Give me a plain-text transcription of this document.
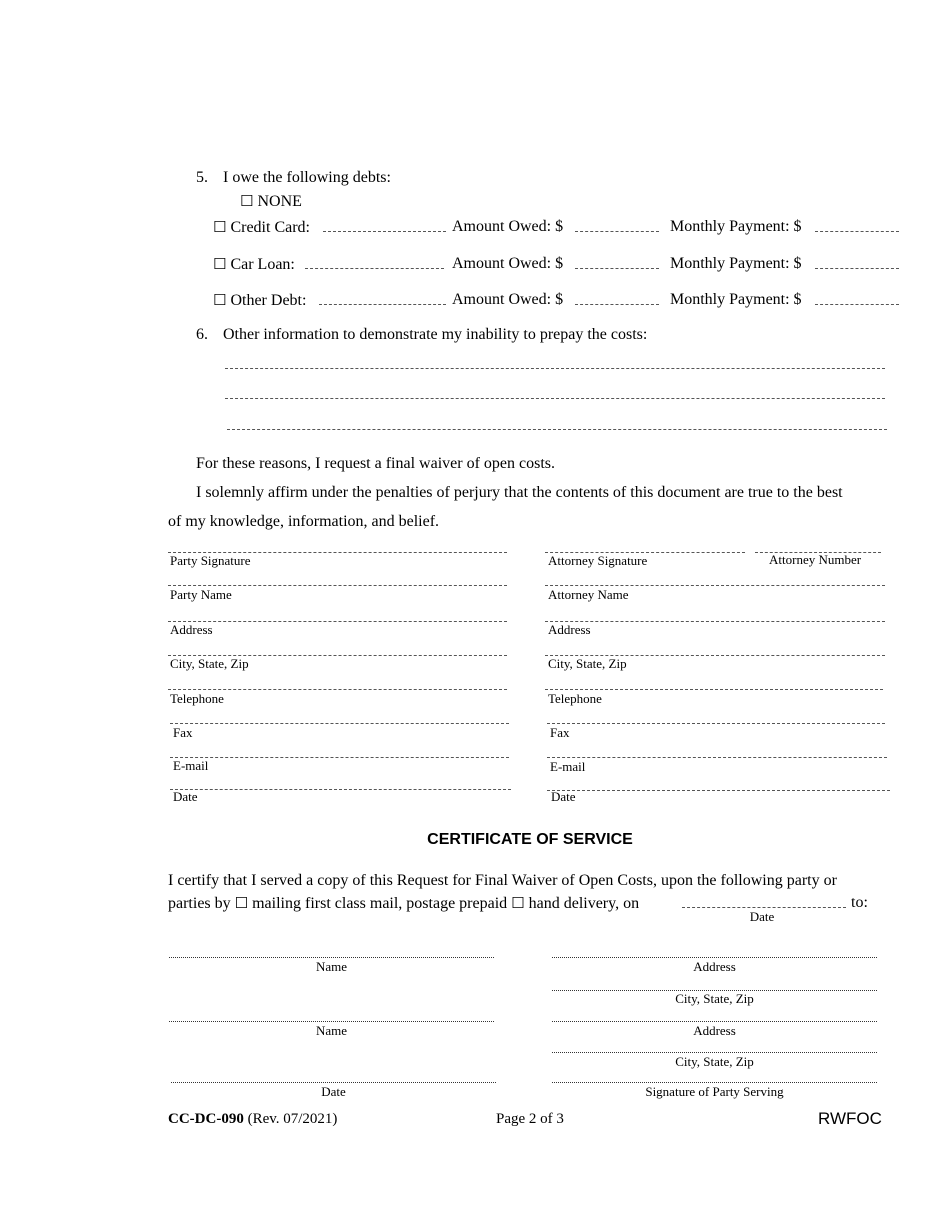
5. I owe the following debts:
☐ NONE
☐ Credit Card:	Amount Owed: $	Monthly Payment: $
☐ Car Loan:	Amount Owed: $	Monthly Payment: $
☐ Other Debt:	Amount Owed: $	Monthly Payment: $
6. Other information to demonstrate my inability to prepay the costs:
For these reasons, I request a final waiver of open costs.
I solemnly affirm under the penalties of perjury that the contents of this document are true to the best
of my knowledge, information, and belief.
Party Signature
Party Name
Address
City, State, Zip
Telephone
Fax
E-mail
Date
Attorney Signature	Attorney Number
Attorney Name
Address
City, State, Zip
Telephone
Fax
E-mail
Date
CERTIFICATE OF SERVICE
I certify that I served a copy of this Request for Final Waiver of Open Costs, upon the following party or
parties by ☐ mailing first class mail, postage prepaid ☐ hand delivery, on	to:
Date
Name
Name
Date
Address
City, State, Zip
Address
City, State, Zip
Signature of Party Serving
CC-DC-090 (Rev. 07/2021)	Page 2 of 3	RWFOC
